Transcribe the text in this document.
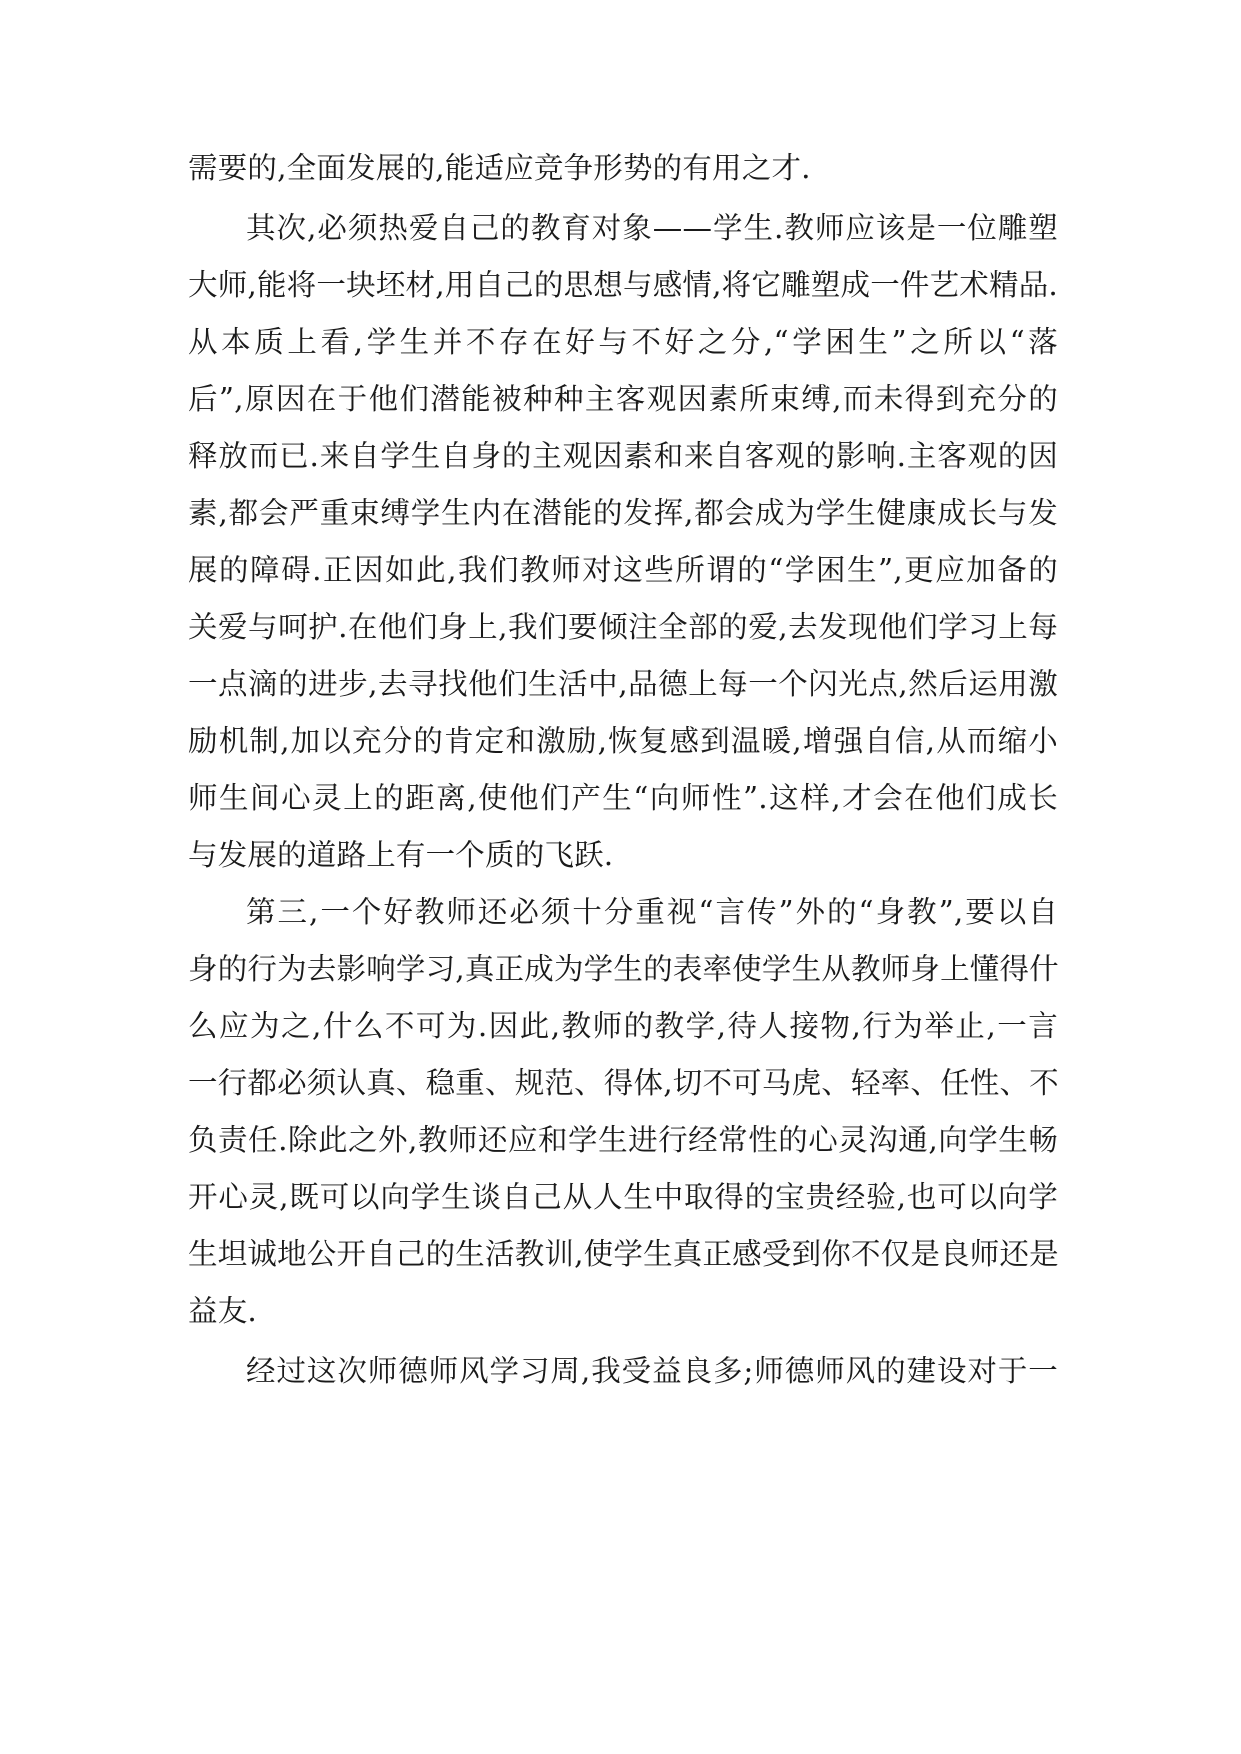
需要的,全面发展的,能适应竞争形势的有用之才.
其次,必须热爱自己的教育对象——学生.教师应该是一位雕塑
大师,能将一块坯材,用自己的思想与感情,将它雕塑成一件艺术精品.
从本质上看,学生并不存在好与不好之分,“学困生”之所以“落
后”,原因在于他们潜能被种种主客观因素所束缚,而未得到充分的
释放而已.来自学生自身的主观因素和来自客观的影响.主客观的因
素,都会严重束缚学生内在潜能的发挥,都会成为学生健康成长与发
展的障碍.正因如此,我们教师对这些所谓的“学困生”,更应加备的
关爱与呵护.在他们身上,我们要倾注全部的爱,去发现他们学习上每
一点滴的进步,去寻找他们生活中,品德上每一个闪光点,然后运用激
励机制,加以充分的肯定和激励,恢复感到温暖,增强自信,从而缩小
师生间心灵上的距离,使他们产生“向师性”.这样,才会在他们成长
与发展的道路上有一个质的飞跃.
第三,一个好教师还必须十分重视“言传”外的“身教”,要以自
身的行为去影响学习,真正成为学生的表率使学生从教师身上懂得什
么应为之,什么不可为.因此,教师的教学,待人接物,行为举止,一言
一行都必须认真、稳重、规范、得体,切不可马虎、轻率、任性、不
负责任.除此之外,教师还应和学生进行经常性的心灵沟通,向学生畅
开心灵,既可以向学生谈自己从人生中取得的宝贵经验,也可以向学
生坦诚地公开自己的生活教训,使学生真正感受到你不仅是良师还是
益友.
经过这次师德师风学习周,我受益良多;师德师风的建设对于一
